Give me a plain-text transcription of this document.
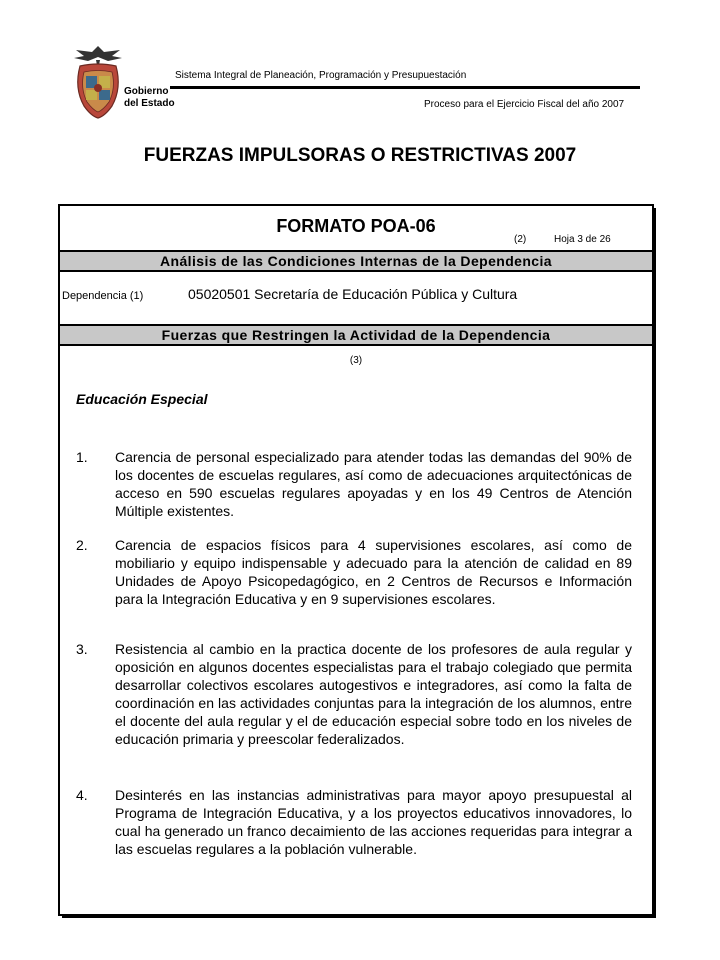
Gobierno
del Estado
Sistema Integral de Planeación, Programación y Presupuestación
Proceso para el Ejercicio Fiscal del año 2007
FUERZAS IMPULSORAS O RESTRICTIVAS 2007
FORMATO POA-06
(2)	Hoja 3 de 26
Análisis de las Condiciones Internas de la Dependencia
Dependencia (1)	05020501 Secretaría de Educación Pública y Cultura
Fuerzas que Restringen la Actividad de la Dependencia
(3)
Educación Especial
1. Carencia de personal especializado para atender todas las demandas del 90% de los docentes de escuelas regulares, así como de adecuaciones arquitectónicas de acceso en 590 escuelas regulares apoyadas y en los 49 Centros de Atención Múltiple existentes.
2. Carencia de espacios físicos para 4 supervisiones escolares, así como de mobiliario y equipo indispensable y adecuado para la atención de calidad en 89 Unidades de Apoyo Psicopedagógico, en 2 Centros de Recursos e Información para la Integración Educativa y en 9 supervisiones escolares.
3. Resistencia al cambio en la practica docente de los profesores de aula regular y oposición en algunos docentes especialistas para el trabajo colegiado que permita desarrollar colectivos escolares autogestivos e integradores, así como la falta de coordinación en las actividades conjuntas para la integración de los alumnos, entre el docente del aula regular y el de educación especial sobre todo en los niveles de educación primaria y preescolar federalizados.
4. Desinterés en las instancias administrativas para mayor apoyo presupuestal al Programa de Integración Educativa, y a los proyectos educativos innovadores, lo cual ha generado un franco decaimiento de las acciones requeridas para integrar a las escuelas regulares a la población vulnerable.
